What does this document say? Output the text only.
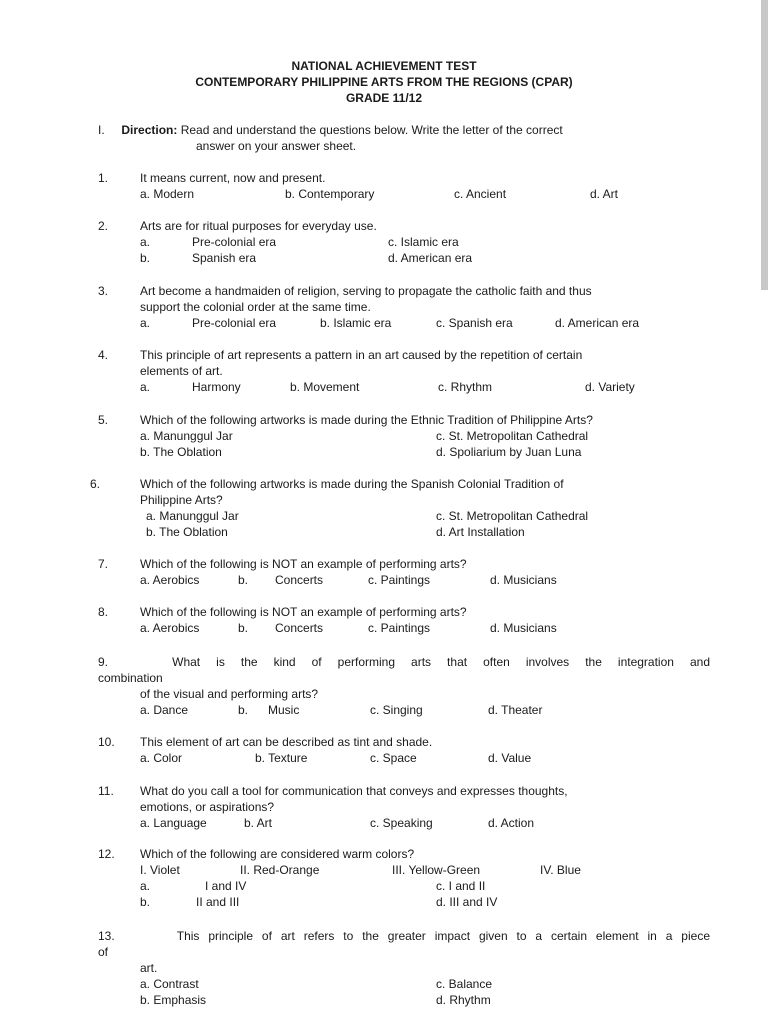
NATIONAL ACHIEVEMENT TEST
CONTEMPORARY PHILIPPINE ARTS FROM THE REGIONS (CPAR)
GRADE 11/12
I. Direction: Read and understand the questions below. Write the letter of the correct
answer on your answer sheet.
1.	It means current, now and present.
a. Modern	b. Contemporary	c. Ancient	d. Art
2.	Arts are for ritual purposes for everyday use.
a.	Pre-colonial era	c. Islamic era
b.	Spanish era	d. American era
3.	Art become a handmaiden of religion, serving to propagate the catholic faith and thus
support the colonial order at the same time.
a.	Pre-colonial era	b. Islamic era	c. Spanish era	d. American era
4.	This principle of art represents a pattern in an art caused by the repetition of certain
elements of art.
a.	Harmony	b. Movement	c. Rhythm	d. Variety
5.	Which of the following artworks is made during the Ethnic Tradition of Philippine Arts?
a. Manunggul Jar	c. St. Metropolitan Cathedral
b. The Oblation	d. Spoliarium by Juan Luna
6.	Which of the following artworks is made during the Spanish Colonial Tradition of
Philippine Arts?
a. Manunggul Jar	c. St. Metropolitan Cathedral
b. The Oblation	d. Art Installation
7.	Which of the following is NOT an example of performing arts?
a. Aerobics	b. Concerts	c. Paintings	d. Musicians
8.	Which of the following is NOT an example of performing arts?
a. Aerobics	b. Concerts	c. Paintings	d. Musicians
9.	What is the kind of performing arts that often involves the integration and
combination
of the visual and performing arts?
a. Dance	b. Music	c. Singing	d. Theater
10. This element of art can be described as tint and shade.
a. Color	b. Texture	c. Space	d. Value
11. What do you call a tool for communication that conveys and expresses thoughts,
emotions, or aspirations?
a. Language	b. Art	c. Speaking	d. Action
12. Which of the following are considered warm colors?
I. Violet	II. Red-Orange	III. Yellow-Green	IV. Blue
a.	I and IV	c. I and II
b.	II and III	d. III and IV
13.	This principle of art refers to the greater impact given to a certain element in a piece
of
art.
a. Contrast	c. Balance
b. Emphasis	d. Rhythm
